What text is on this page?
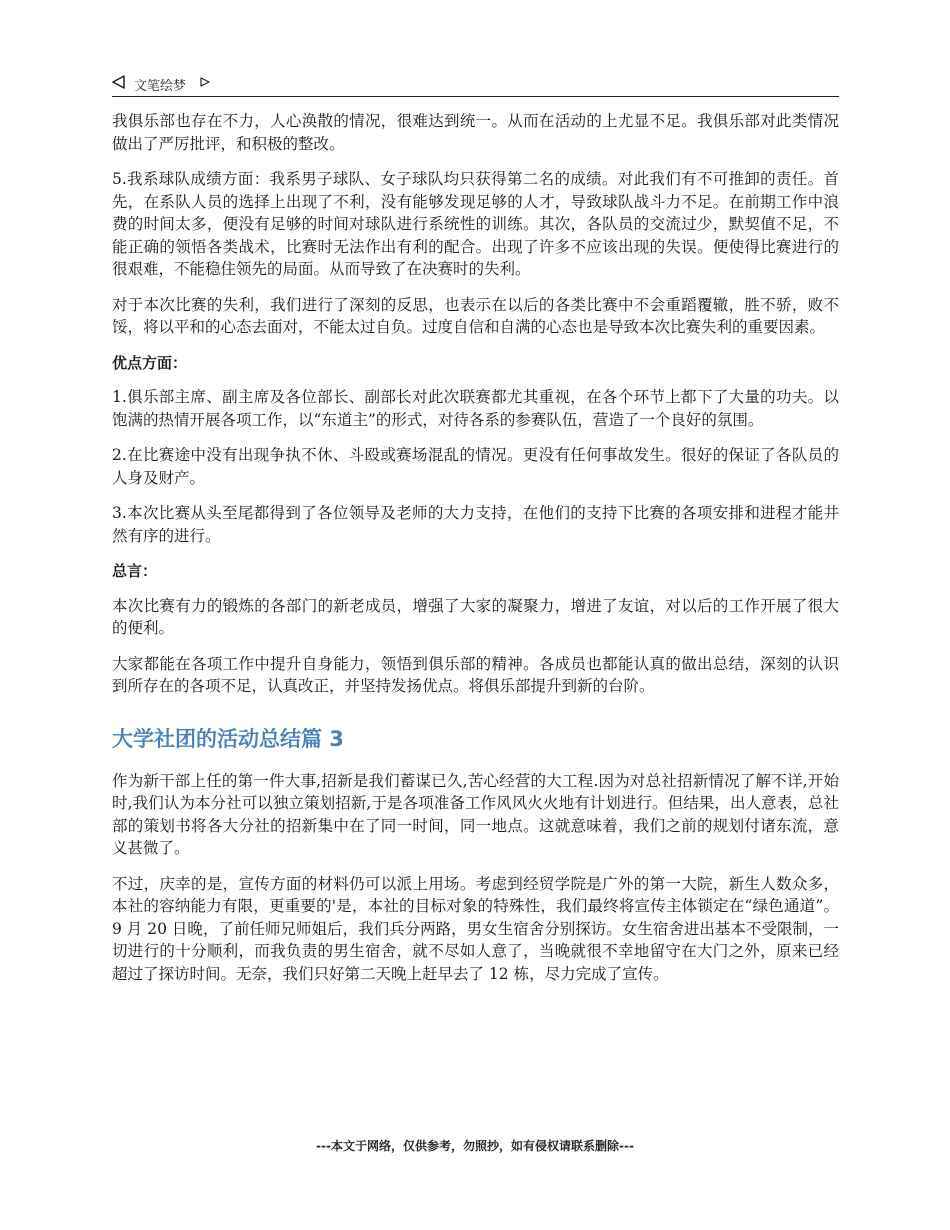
文笔绘梦

我俱乐部也存在不力，人心涣散的情况，很难达到统一。从而在活动的上尤显不足。我俱乐部对此类情况做出了严厉批评，和积极的整改。

5.我系球队成绩方面：我系男子球队、女子球队均只获得第二名的成绩。对此我们有不可推卸的责任。首先，在系队人员的选择上出现了不利，没有能够发现足够的人才，导致球队战斗力不足。在前期工作中浪费的时间太多，便没有足够的时间对球队进行系统性的训练。其次，各队员的交流过少，默契值不足，不能正确的领悟各类战术，比赛时无法作出有利的配合。出现了许多不应该出现的失误。便使得比赛进行的很艰难，不能稳住领先的局面。从而导致了在决赛时的失利。

对于本次比赛的失利，我们进行了深刻的反思，也表示在以后的各类比赛中不会重蹈覆辙，胜不骄，败不馁，将以平和的心态去面对，不能太过自负。过度自信和自满的心态也是导致本次比赛失利的重要因素。

优点方面：

1.俱乐部主席、副主席及各位部长、副部长对此次联赛都尤其重视，在各个环节上都下了大量的功夫。以饱满的热情开展各项工作，以“东道主”的形式，对待各系的参赛队伍，营造了一个良好的氛围。

2.在比赛途中没有出现争执不休、斗殴或赛场混乱的情况。更没有任何事故发生。很好的保证了各队员的人身及财产。

3.本次比赛从头至尾都得到了各位领导及老师的大力支持，在他们的支持下比赛的各项安排和进程才能井然有序的进行。

总言：

本次比赛有力的锻炼的各部门的新老成员，增强了大家的凝聚力，增进了友谊，对以后的工作开展了很大的便利。

大家都能在各项工作中提升自身能力，领悟到俱乐部的精神。各成员也都能认真的做出总结，深刻的认识到所存在的各项不足，认真改正，并坚持发扬优点。将俱乐部提升到新的台阶。

大学社团的活动总结篇 3

作为新干部上任的第一件大事,招新是我们蓄谋已久,苦心经营的大工程.因为对总社招新情况了解不详,开始时,我们认为本分社可以独立策划招新,于是各项准备工作风风火火地有计划进行。但结果，出人意表，总社部的策划书将各大分社的招新集中在了同一时间，同一地点。这就意味着，我们之前的规划付诸东流，意义甚微了。

不过，庆幸的是，宣传方面的材料仍可以派上用场。考虑到经贸学院是广外的第一大院，新生人数众多，本社的容纳能力有限，更重要的'是，本社的目标对象的特殊性，我们最终将宣传主体锁定在“绿色通道”。9 月 20 日晚，了前任师兄师姐后，我们兵分两路，男女生宿舍分别探访。女生宿舍进出基本不受限制，一切进行的十分顺利，而我负责的男生宿舍，就不尽如人意了，当晚就很不幸地留守在大门之外，原来已经超过了探访时间。无奈，我们只好第二天晚上赶早去了 12 栋，尽力完成了宣传。

---本文于网络，仅供参考，勿照抄，如有侵权请联系删除---
